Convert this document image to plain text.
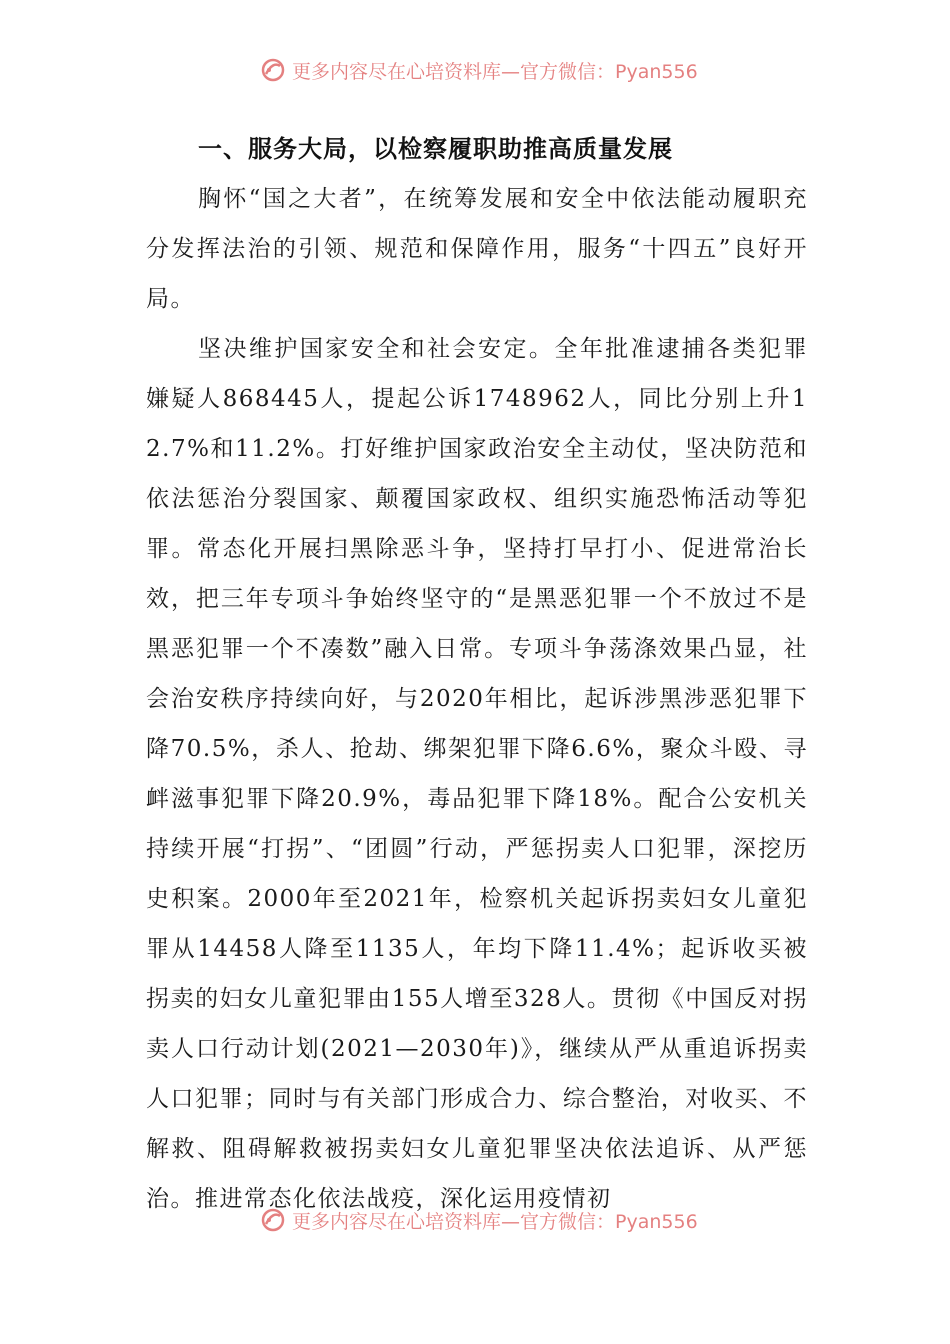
更多内容尽在心培资料库—官方微信：Pyan556
一、服务大局，以检察履职助推高质量发展

胸怀“国之大者”，在统筹发展和安全中依法能动履职充分发挥法治的引领、规范和保障作用，服务“十四五”良好开局。

坚决维护国家安全和社会安定。全年批准逮捕各类犯罪嫌疑人868445人，提起公诉1748962人，同比分别上升12.7%和11.2%。打好维护国家政治安全主动仗，坚决防范和依法惩治分裂国家、颠覆国家政权、组织实施恐怖活动等犯罪。常态化开展扫黑除恶斗争，坚持打早打小、促进常治长效，把三年专项斗争始终坚守的“是黑恶犯罪一个不放过不是黑恶犯罪一个不凑数”融入日常。专项斗争荡涤效果凸显，社会治安秩序持续向好，与2020年相比，起诉涉黑涉恶犯罪下降70.5%，杀人、抢劫、绑架犯罪下降6.6%，聚众斗殴、寻衅滋事犯罪下降20.9%，毒品犯罪下降18%。配合公安机关持续开展“打拐”、“团圆”行动，严惩拐卖人口犯罪，深挖历史积案。2000年至2021年，检察机关起诉拐卖妇女儿童犯罪从14458人降至1135人，年均下降11.4%；起诉收买被拐卖的妇女儿童犯罪由155人增至328人。贯彻《中国反对拐卖人口行动计划(2021—2030年)》，继续从严从重追诉拐卖人口犯罪；同时与有关部门形成合力、综合整治，对收买、不解救、阻碍解救被拐卖妇女儿童犯罪坚决依法追诉、从严惩治。推进常态化依法战疫，深化运用疫情初

更多内容尽在心培资料库—官方微信：Pyan556
